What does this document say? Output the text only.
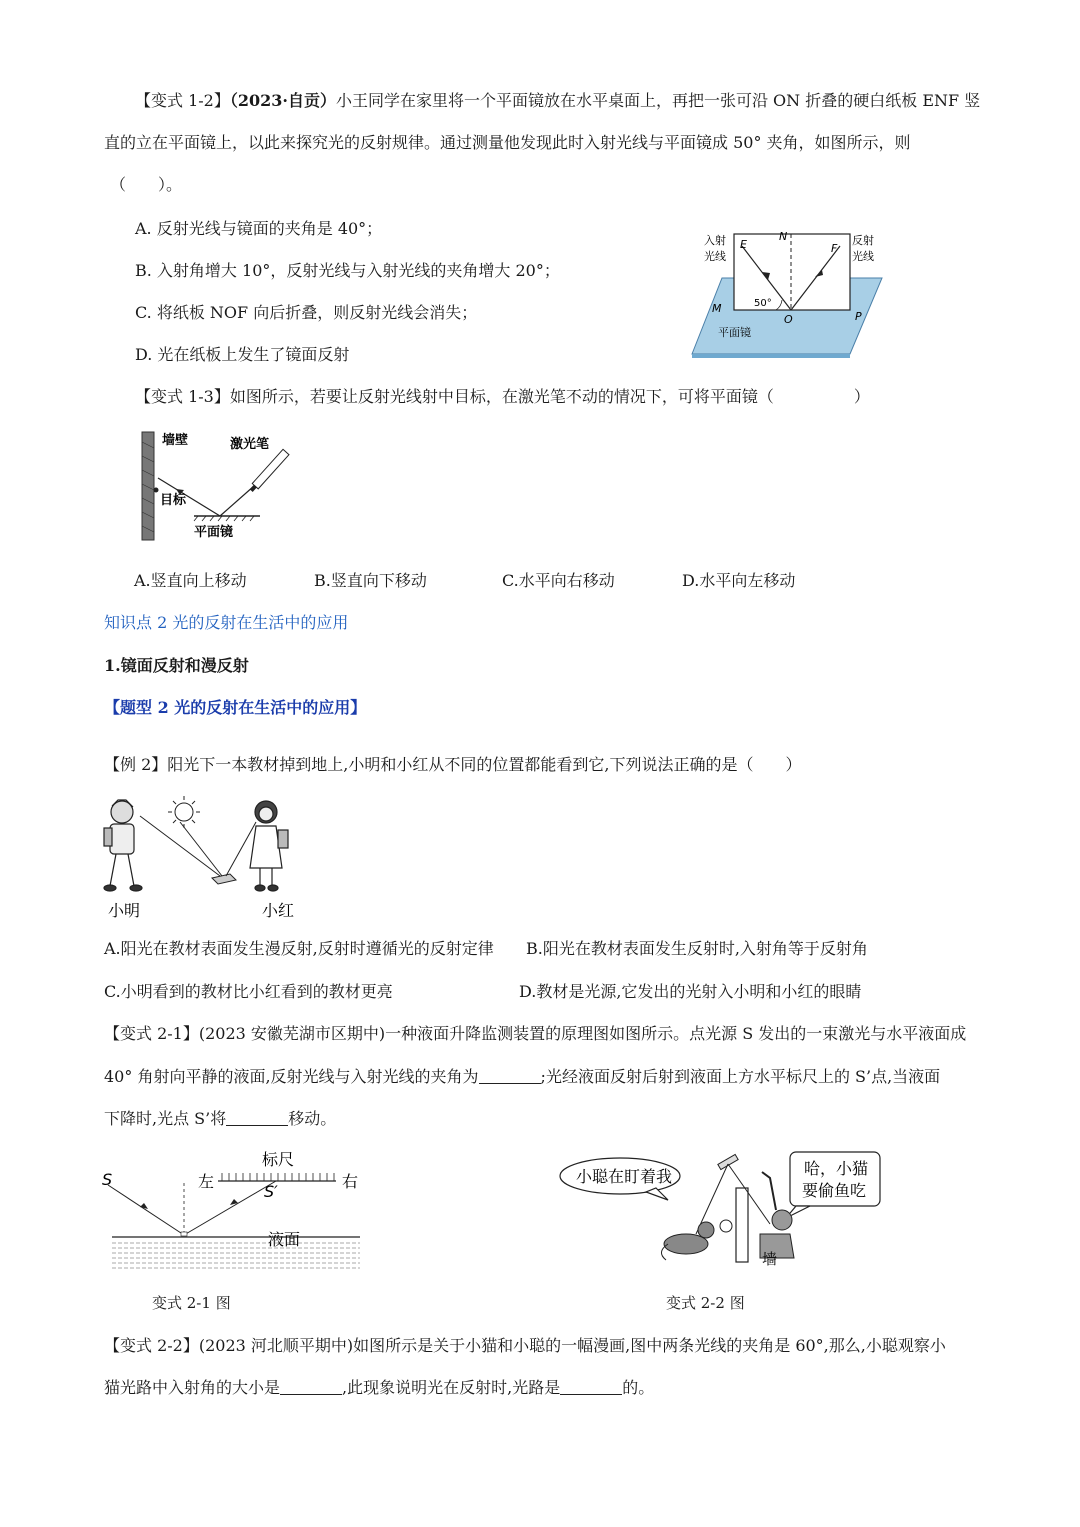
【变式 1-2】（2023·自贡）小王同学在家里将一个平面镜放在水平桌面上，再把一张可沿 ON 折叠的硬白纸板 ENF 竖
直的立在平面镜上，以此来探究光的反射规律。通过测量他发现此时入射光线与平面镜成 50° 夹角，如图所示，则
（　　）。
A. 反射光线与镜面的夹角是 40°；
B. 入射角增大 10°，反射光线与入射光线的夹角增大 20°；
C. 将纸板 NOF 向后折叠，则反射光线会消失；
D. 光在纸板上发生了镜面反射
入射
光线
反射
光线
E
N
F
M
O	P
50°
平面镜
【变式 1-3】如图所示，若要让反射光线射中目标，在激光笔不动的情况下，可将平面镜（　　　　　）
墙壁	激光笔
目标
平面镜
A.竖直向上移动	B.竖直向下移动	C.水平向右移动	D.水平向左移动
知识点 2 光的反射在生活中的应用
1.镜面反射和漫反射
【题型 2 光的反射在生活中的应用】
【例 2】阳光下一本教材掉到地上,小明和小红从不同的位置都能看到它,下列说法正确的是（　　）
小明	小红
A.阳光在教材表面发生漫反射,反射时遵循光的反射定律 B.阳光在教材表面发生反射时,入射角等于反射角
C.小明看到的教材比小红看到的教材更亮	D.教材是光源,它发出的光射入小明和小红的眼睛
【变式 2-1】(2023 安徽芜湖市区期中)一种液面升降监测装置的原理图如图所示。点光源 S 发出的一束激光与水平液面成
40° 角射向平静的液面,反射光线与入射光线的夹角为	;光经液面反射后射到液面上方水平标尺上的 S’点,当液面
下降时,光点 S’将	移动。
S
S′
标尺
左	右
液面
变式 2-1 图
小聪在盯着我	哈，小猫
要偷鱼吃
墙
变式 2-2 图
【变式 2-2】(2023 河北顺平期中)如图所示是关于小猫和小聪的一幅漫画,图中两条光线的夹角是 60°,那么,小聪观察小
猫光路中入射角的大小是	,此现象说明光在反射时,光路是	的。
